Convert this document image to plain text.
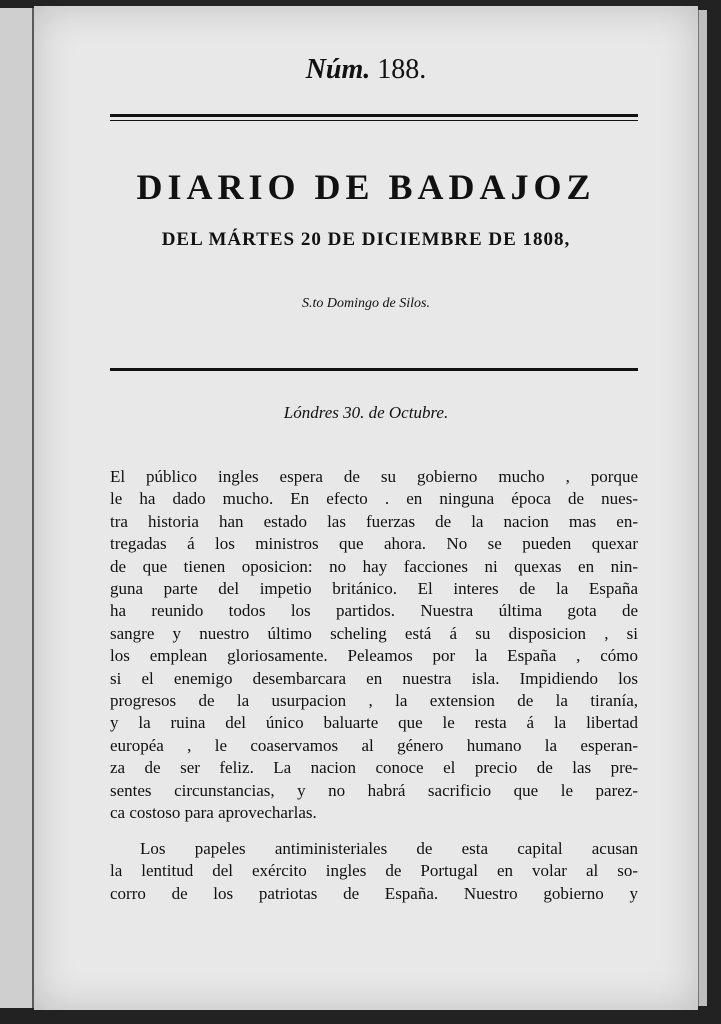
Núm. 188.
DIARIO DE BADAJOZ
DEL MÁRTES 20 DE DICIEMBRE DE 1808,
S.to Domingo de Silos.
Lóndres 30. de Octubre.
El público ingles espera de su gobierno mucho , porque
le ha dado mucho. En efecto . en ninguna época de nues-
tra historia han estado las fuerzas de la nacion mas en-
tregadas á los ministros que ahora. No se pueden quexar
de que tienen oposicion: no hay facciones ni quexas en nin-
guna parte del impetio británico. El interes de la España
ha reunido todos los partidos. Nuestra última gota de
sangre y nuestro último scheling está á su disposicion , si
los emplean gloriosamente. Peleamos por la España , cómo
si el enemigo desembarcara en nuestra isla. Impidiendo los
progresos de la usurpacion , la extension de la tiranía,
y la ruina del único baluarte que le resta á la libertad
européa , le coaservamos al género humano la esperan-
za de ser feliz. La nacion conoce el precio de las pre-
sentes circunstancias, y no habrá sacrificio que le parez-
ca costoso para aprovecharlas.
Los papeles antiministeriales de esta capital acusan
la lentitud del exército ingles de Portugal en volar al so-
corro de los patriotas de España. Nuestro gobierno y
